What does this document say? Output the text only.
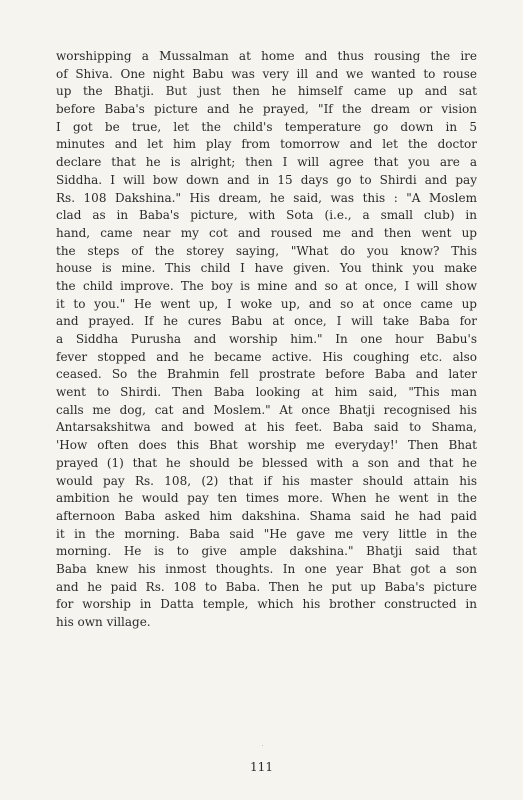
worshipping a Mussalman at home and thus rousing the ire
of Shiva. One night Babu was very ill and we wanted to rouse
up the Bhatji. But just then he himself came up and sat
before Baba's picture and he prayed, "If the dream or vision
I got be true, let the child's temperature go down in 5
minutes and let him play from tomorrow and let the doctor
declare that he is alright; then I will agree that you are a
Siddha. I will bow down and in 15 days go to Shirdi and pay
Rs. 108 Dakshina." His dream, he said, was this : "A Moslem
clad as in Baba's picture, with Sota (i.e., a small club) in
hand, came near my cot and roused me and then went up
the steps of the storey saying, "What do you know? This
house is mine. This child I have given. You think you make
the child improve. The boy is mine and so at once, I will show
it to you." He went up, I woke up, and so at once came up
and prayed. If he cures Babu at once, I will take Baba for
a Siddha Purusha and worship him." In one hour Babu's
fever stopped and he became active. His coughing etc. also
ceased. So the Brahmin fell prostrate before Baba and later
went to Shirdi. Then Baba looking at him said, "This man
calls me dog, cat and Moslem." At once Bhatji recognised his
Antarsakshitwa and bowed at his feet. Baba said to Shama,
'How often does this Bhat worship me everyday!' Then Bhat
prayed (1) that he should be blessed with a son and that he
would pay Rs. 108, (2) that if his master should attain his
ambition he would pay ten times more. When he went in the
afternoon Baba asked him dakshina. Shama said he had paid
it in the morning. Baba said "He gave me very little in the
morning. He is to give ample dakshina." Bhatji said that
Baba knew his inmost thoughts. In one year Bhat got a son
and he paid Rs. 108 to Baba. Then he put up Baba's picture
for worship in Datta temple, which his brother constructed in
his own village.
111
